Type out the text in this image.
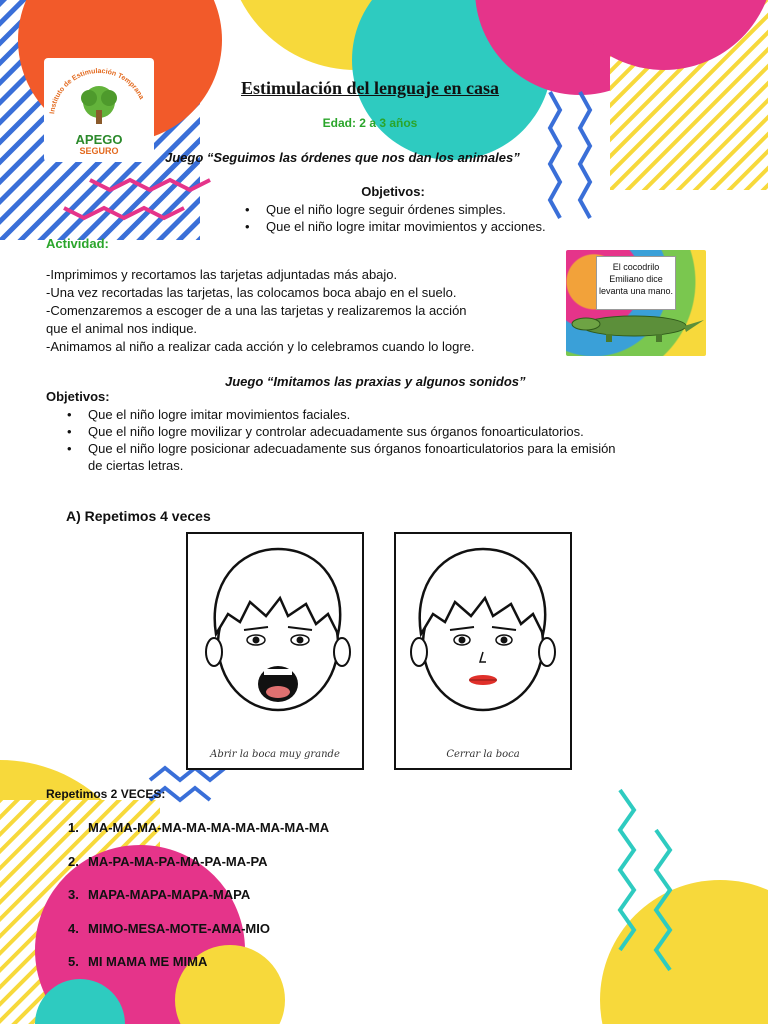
Instituto de Estimulación Temprana
APEGO
SEGURO
Estimulación del lenguaje en casa
Edad: 2 a 3 años
Juego “Seguimos las órdenes que nos dan los animales”
Objetivos:
• Que el niño logre seguir órdenes simples.
• Que el niño logre imitar movimientos y acciones.
Actividad:
-Imprimimos y recortamos las tarjetas adjuntadas más abajo.
-Una vez recortadas las tarjetas, las colocamos boca abajo en el suelo.
-Comenzaremos a escoger de a una las tarjetas y realizaremos la acción
que el animal nos indique.
-Animamos al niño a realizar cada acción y lo celebramos cuando lo logre.
El cocodrilo
Emiliano dice
levanta una mano.
Juego “Imitamos las praxias y algunos sonidos”
Objetivos:
• Que el niño logre imitar movimientos faciales.
• Que el niño logre movilizar y controlar adecuadamente sus órganos fonoarticulatorios.
• Que el niño logre posicionar adecuadamente sus órganos fonoarticulatorios para la emisión
de ciertas letras.
A) Repetimos 4 veces
Abrir la boca muy grande	Cerrar la boca
Repetimos 2 VECES:
1. MA-MA-MA-MA-MA-MA-MA-MA-MA-MA
2. MA-PA-MA-PA-MA-PA-MA-PA
3. MAPA-MAPA-MAPA-MAPA
4. MIMO-MESA-MOTE-AMA-MIO
5. MI MAMA ME MIMA
